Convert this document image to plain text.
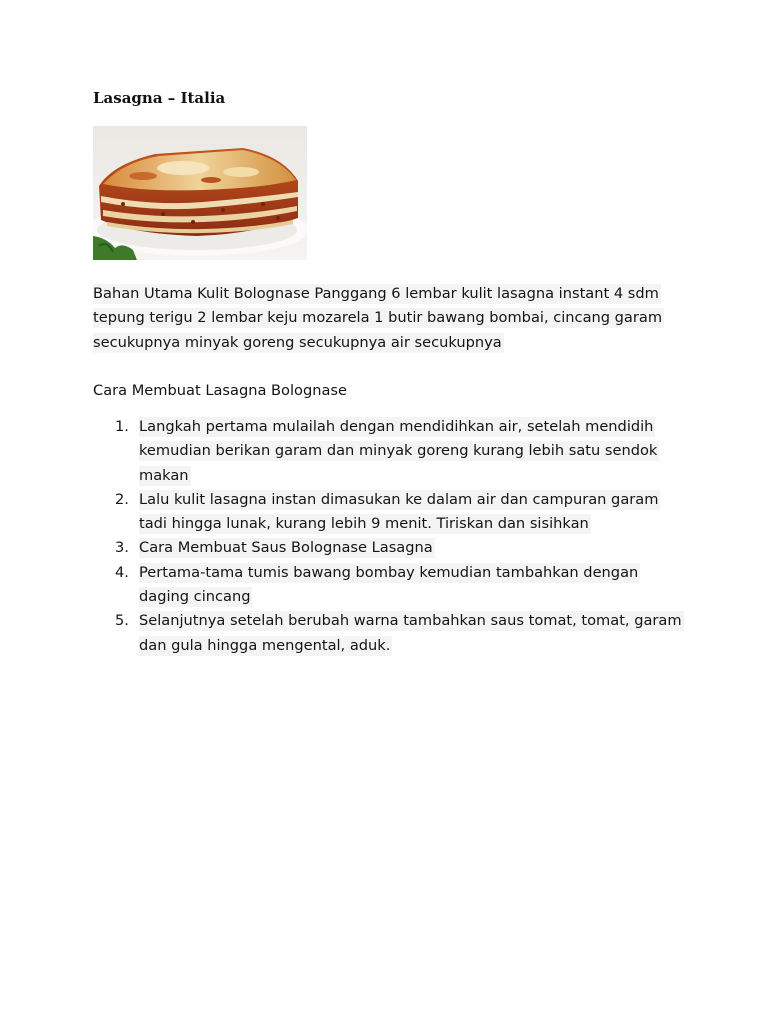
Lasagna – Italia

Bahan Utama Kulit Bolognase Panggang 6 lembar kulit lasagna instant 4 sdm tepung terigu 2 lembar keju mozarela 1 butir bawang bombai, cincang garam secukupnya minyak goreng secukupnya air secukupnya

Cara Membuat Lasagna Bolognase

1. Langkah pertama mulailah dengan mendidihkan air, setelah mendidih kemudian berikan garam dan minyak goreng kurang lebih satu sendok makan
2. Lalu kulit lasagna instan dimasukan ke dalam air dan campuran garam tadi hingga lunak, kurang lebih 9 menit. Tiriskan dan sisihkan
3. Cara Membuat Saus Bolognase Lasagna
4. Pertama-tama tumis bawang bombay kemudian tambahkan dengan daging cincang
5. Selanjutnya setelah berubah warna tambahkan saus tomat, tomat, garam dan gula hingga mengental, aduk.
